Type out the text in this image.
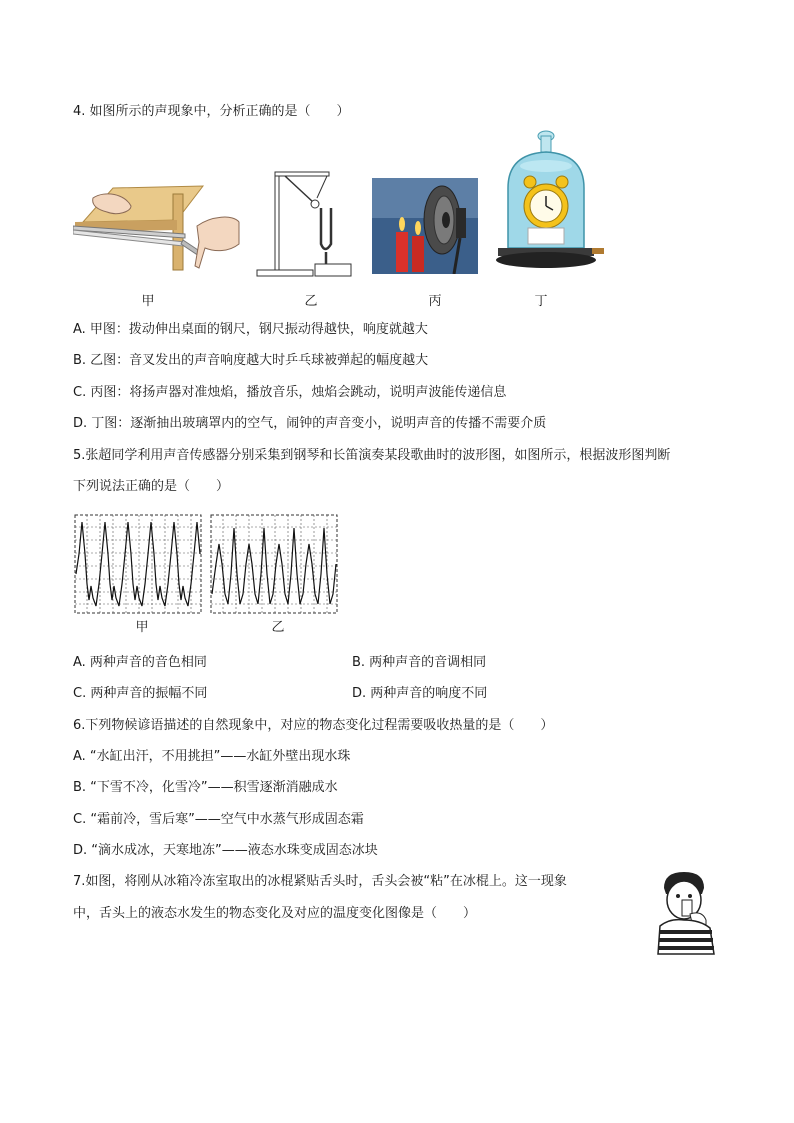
4. 如图所示的声现象中，分析正确的是（　　）
甲	乙	丙	丁
A. 甲图：拨动伸出桌面的钢尺，钢尺振动得越快，响度就越大
B. 乙图：音叉发出的声音响度越大时乒乓球被弹起的幅度越大
C. 丙图：将扬声器对准烛焰，播放音乐，烛焰会跳动，说明声波能传递信息
D. 丁图：逐渐抽出玻璃罩内的空气，闹钟的声音变小，说明声音的传播不需要介质
5.张超同学利用声音传感器分别采集到钢琴和长笛演奏某段歌曲时的波形图，如图所示，根据波形图判断
下列说法正确的是（　　）
甲	乙
A. 两种声音的音色相同	B. 两种声音的音调相同
C. 两种声音的振幅不同	D. 两种声音的响度不同
6.下列物候谚语描述的自然现象中，对应的物态变化过程需要吸收热量的是（　　）
A. “水缸出汗，不用挑担”——水缸外壁出现水珠
B. “下雪不冷，化雪冷”——积雪逐渐消融成水
C. “霜前冷，雪后寒”——空气中水蒸气形成固态霜
D. “滴水成冰，天寒地冻”——液态水珠变成固态冰块
7.如图，将刚从冰箱冷冻室取出的冰棍紧贴舌头时，舌头会被“粘”在冰棍上。这一现象
中，舌头上的液态水发生的物态变化及对应的温度变化图像是（　　）
